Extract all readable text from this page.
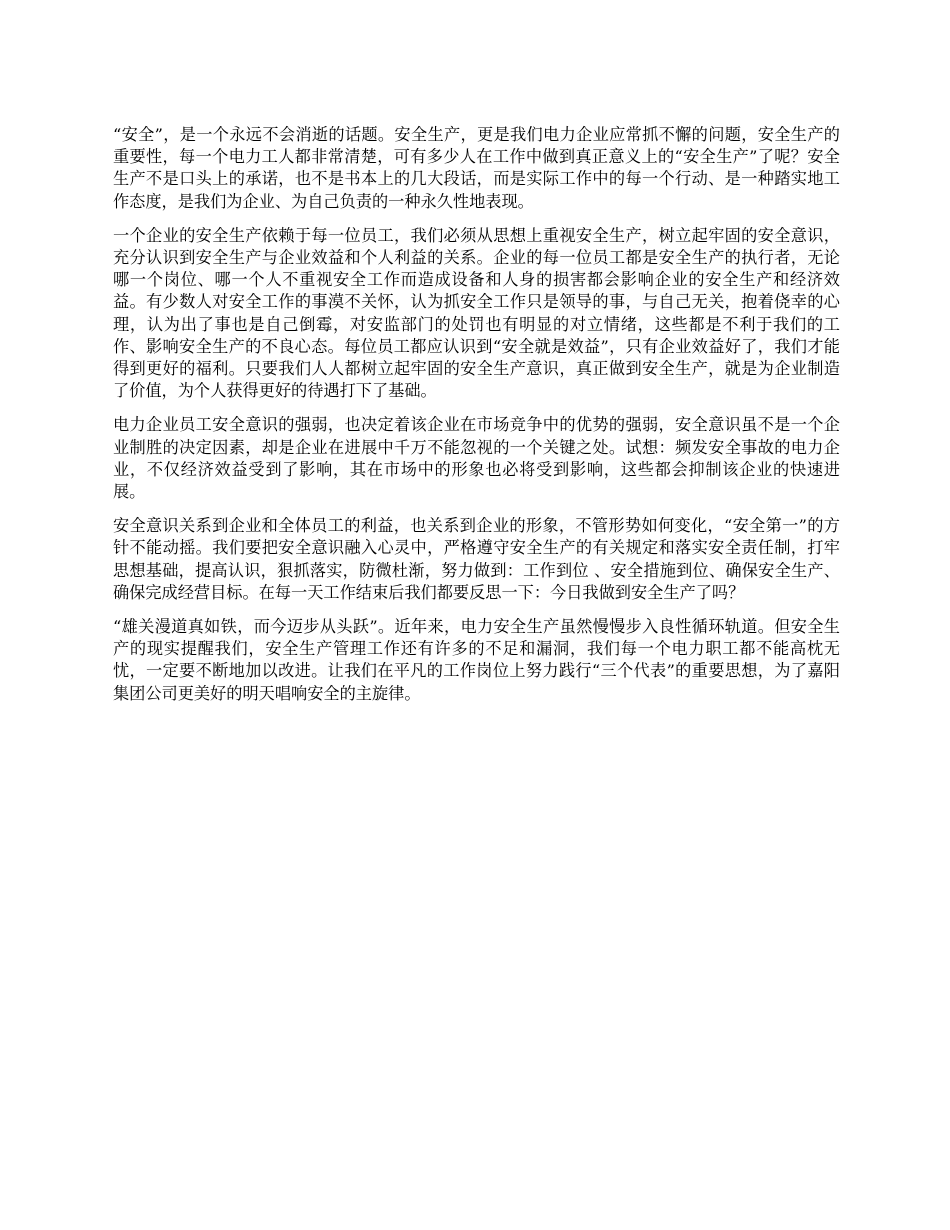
“安全”，是一个永远不会消逝的话题。安全生产，更是我们电力企业应常抓不懈的问题，安全生产的重要性，每一个电力工人都非常清楚，可有多少人在工作中做到真正意义上的“安全生产”了呢？安全生产不是口头上的承诺，也不是书本上的几大段话，而是实际工作中的每一个行动、是一种踏实地工作态度，是我们为企业、为自己负责的一种永久性地表现。

一个企业的安全生产依赖于每一位员工，我们必须从思想上重视安全生产，树立起牢固的安全意识，充分认识到安全生产与企业效益和个人利益的关系。企业的每一位员工都是安全生产的执行者，无论哪一个岗位、哪一个人不重视安全工作而造成设备和人身的损害都会影响企业的安全生产和经济效益。有少数人对安全工作的事漠不关怀，认为抓安全工作只是领导的事，与自己无关，抱着侥幸的心理，认为出了事也是自己倒霉，对安监部门的处罚也有明显的对立情绪，这些都是不利于我们的工作、影响安全生产的不良心态。每位员工都应认识到“安全就是效益”，只有企业效益好了，我们才能得到更好的福利。只要我们人人都树立起牢固的安全生产意识，真正做到安全生产，就是为企业制造了价值，为个人获得更好的待遇打下了基础。

电力企业员工安全意识的强弱，也决定着该企业在市场竞争中的优势的强弱，安全意识虽不是一个企业制胜的决定因素，却是企业在进展中千万不能忽视的一个关键之处。试想：频发安全事故的电力企业，不仅经济效益受到了影响，其在市场中的形象也必将受到影响，这些都会抑制该企业的快速进展。

安全意识关系到企业和全体员工的利益，也关系到企业的形象，不管形势如何变化，“安全第一”的方针不能动摇。我们要把安全意识融入心灵中，严格遵守安全生产的有关规定和落实安全责任制，打牢思想基础，提高认识，狠抓落实，防微杜渐，努力做到：工作到位 、安全措施到位、确保安全生产、确保完成经营目标。在每一天工作结束后我们都要反思一下：今日我做到安全生产了吗？

“雄关漫道真如铁，而今迈步从头跃”。近年来，电力安全生产虽然慢慢步入良性循环轨道。但安全生产的现实提醒我们，安全生产管理工作还有许多的不足和漏洞，我们每一个电力职工都不能高枕无忧，一定要不断地加以改进。让我们在平凡的工作岗位上努力践行“三个代表”的重要思想，为了嘉阳集团公司更美好的明天唱响安全的主旋律。
